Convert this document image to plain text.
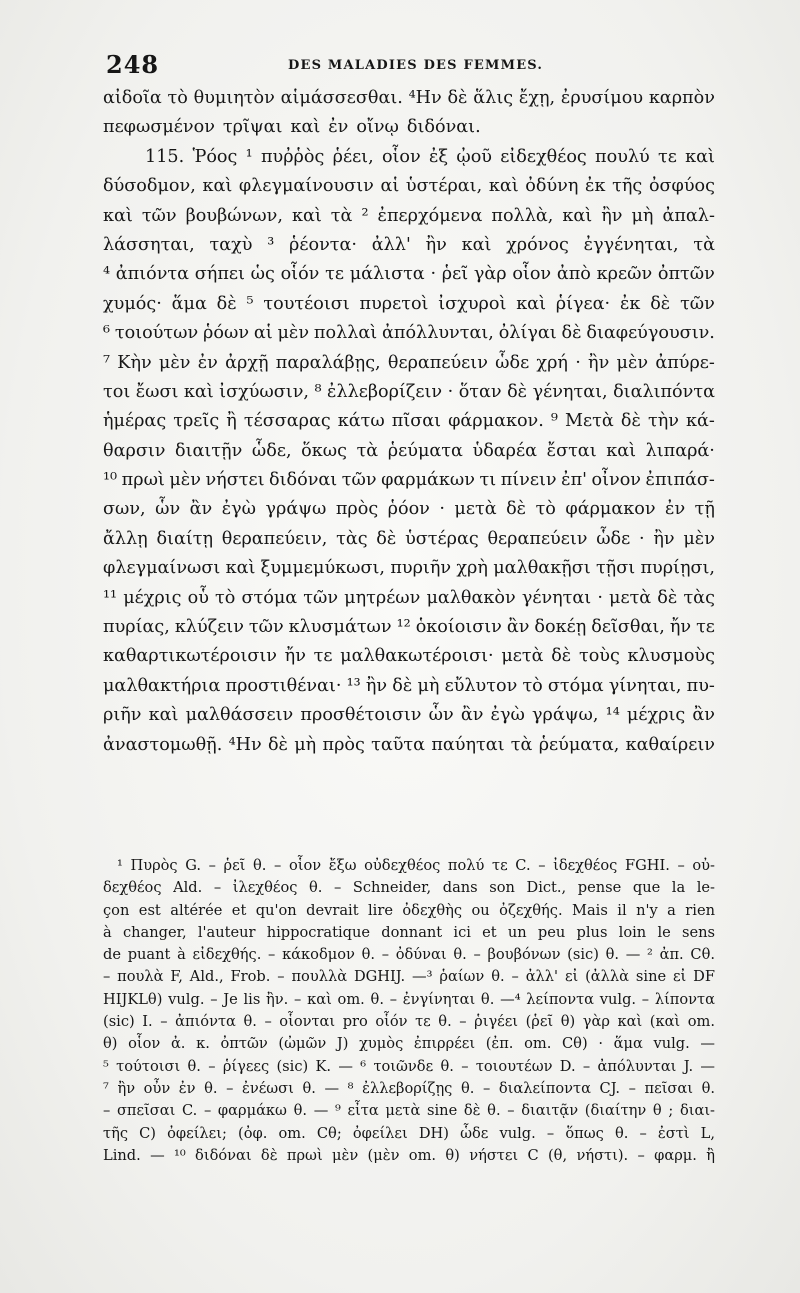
248	DES MALADIES DES FEMMES.
αἰδοῖα τὸ θυμιητὸν αἱμάσσεσθαι. ⁴Ην δὲ ἅλις ἔχῃ, ἐρυσίμου καρπὸν
πεφωσμένον τρῖψαι καὶ ἐν οἴνῳ διδόναι.
115. Ῥόος ¹ πυῤῥὸς ῥέει, οἷον ἐξ ᾠοῦ εἰδεχθέος πουλύ τε καὶ
δύσοδμον, καὶ φλεγμαίνουσιν αἱ ὑστέραι, καὶ ὀδύνη ἐκ τῆς ὀσφύος
καὶ τῶν βουβώνων, καὶ τὰ ² ἐπερχόμενα πολλὰ, καὶ ἢν μὴ ἀπαλ-
λάσσηται, ταχὺ ³ ῥέοντα· ἀλλ' ἢν καὶ χρόνος ἐγγένηται, τὰ
⁴ ἀπιόντα σήπει ὡς οἷόν τε μάλιστα · ῥεῖ γὰρ οἷον ἀπὸ κρεῶν ὀπτῶν
χυμός· ἅμα δὲ ⁵ τουτέοισι πυρετοὶ ἰσχυροὶ καὶ ῥίγεα· ἐκ δὲ τῶν
⁶ τοιούτων ῥόων αἱ μὲν πολλαὶ ἀπόλλυνται, ὀλίγαι δὲ διαφεύγουσιν.
⁷ Κὴν μὲν ἐν ἀρχῇ παραλάβῃς, θεραπεύειν ὧδε χρή · ἢν μὲν ἀπύρε-
τοι ἔωσι καὶ ἰσχύωσιν, ⁸ ἐλλεβορίζειν · ὅταν δὲ γένηται, διαλιπόντα
ἡμέρας τρεῖς ἢ τέσσαρας κάτω πῖσαι φάρμακον. ⁹ Μετὰ δὲ τὴν κά-
θαρσιν διαιτῇν ὧδε, ὅκως τὰ ῥεύματα ὑδαρέα ἔσται καὶ λιπαρά·
¹⁰ πρωὶ μὲν νήστει διδόναι τῶν φαρμάκων τι πίνειν ἐπ' οἶνον ἐπιπάσ-
σων, ὧν ἂν ἐγὼ γράψω πρὸς ῥόον · μετὰ δὲ τὸ φάρμακον ἐν τῇ
ἄλλῃ διαίτῃ θεραπεύειν, τὰς δὲ ὑστέρας θεραπεύειν ὧδε · ἢν μὲν
φλεγμαίνωσι καὶ ξυμμεμύκωσι, πυριῆν χρὴ μαλθακῇσι τῇσι πυρίῃσι,
¹¹ μέχρις οὗ τὸ στόμα τῶν μητρέων μαλθακὸν γένηται · μετὰ δὲ τὰς
πυρίας, κλύζειν τῶν κλυσμάτων ¹² ὁκοίοισιν ἂν δοκέῃ δεῖσθαι, ἤν τε
καθαρτικωτέροισιν ἤν τε μαλθακωτέροισι· μετὰ δὲ τοὺς κλυσμοὺς
μαλθακτήρια προστιθέναι· ¹³ ἢν δὲ μὴ εὔλυτον τὸ στόμα γίνηται, πυ-
ριῆν καὶ μαλθάσσειν προσθέτοισιν ὧν ἂν ἐγὼ γράψω, ¹⁴ μέχρις ἂν
ἀναστομωθῇ. ⁴Ην δὲ μὴ πρὸς ταῦτα παύηται τὰ ῥεύματα, καθαίρειν
¹ Πυρὸς G. – ῥεῖ θ. – οἷον ἔξω οὐδεχθέος πολύ τε C. – ἰδεχθέος FGHI. – οὐ-
δεχθέος Ald. – ἰλεχθέος θ. – Schneider, dans son Dict., pense que la le-
çon est altérée et qu'on devrait lire ὀδεχθὴς ou ὀζεχθής. Mais il n'y a rien
à changer, l'auteur hippocratique donnant ici et un peu plus loin le sens
de puant à εἰδεχθής. – κάκοδμον θ. – ὀδύναι θ. – βουβόνων (sic) θ. — ² ἀπ. Cθ.
– πουλὰ F, Ald., Frob. – πουλλὰ DGHIJ. —³ ῥαίων θ. – ἀλλ' εἰ (ἀλλὰ sine εἰ DF
HIJKLθ) vulg. – Je lis ἢν. – καὶ om. θ. – ἐνγίνηται θ. —⁴ λείποντα vulg. – λίποντα
(sic) I. – ἀπιόντα θ. – οἷονται pro οἷόν τε θ. – ῥιγέει (ῥεῖ θ) γὰρ καὶ (καὶ om.
θ) οἷον ἀ. κ. ὀπτῶν (ὠμῶν J) χυμὸς ἐπιρρέει (ἐπ. om. Cθ) · ἅμα vulg. —
⁵ τούτοισι θ. – ῥίγεες (sic) K. — ⁶ τοιῶνδε θ. – τοιουτέων D. – ἀπόλυνται J. —
⁷ ἢν οὖν ἐν θ. – ἐνέωσι θ. — ⁸ ἐλλεβορίζῃς θ. – διαλείποντα CJ. – πεῖσαι θ.
– σπεῖσαι C. – φαρμάκω θ. — ⁹ εἶτα μετὰ sine δὲ θ. – διαιτᾷν (διαίτην θ ; διαι-
τῆς C) ὀφείλει; (ὀφ. om. Cθ; ὀφείλει DH) ὧδε vulg. – ὅπως θ. – ἐστὶ L,
Lind. — ¹⁰ διδόναι δὲ πρωὶ μὲν (μὲν om. θ) νήστει C (θ, νήστι). – φαρμ. ἢ
